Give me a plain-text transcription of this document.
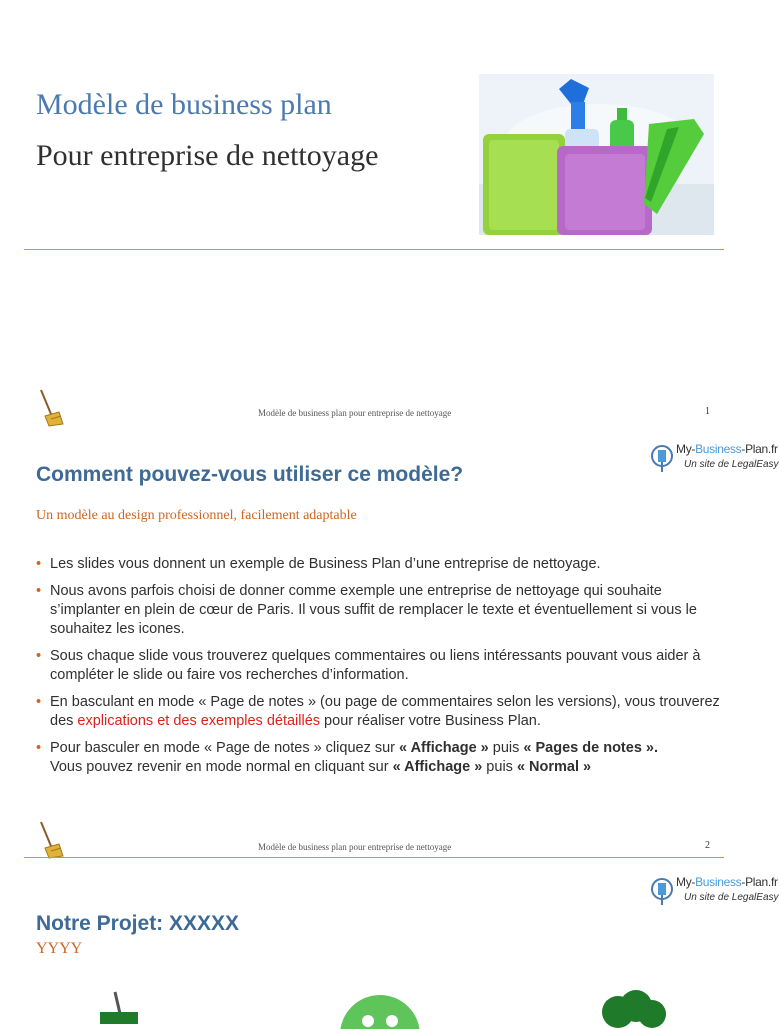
Modèle de business plan
Pour entreprise de nettoyage
Modèle de business plan pour entreprise de nettoyage	1
My-Business-Plan.fr
Un site de LegalEasy
Comment pouvez-vous utiliser ce modèle?
Un modèle au design professionnel, facilement adaptable
• Les slides vous donnent un exemple de Business Plan d’une entreprise de nettoyage.
• Nous avons parfois choisi de donner comme exemple une entreprise de nettoyage qui souhaite s’implanter en plein de cœur de Paris. Il vous suffit de remplacer le texte et éventuellement si vous le souhaitez les icones.
• Sous chaque slide vous trouverez quelques commentaires ou liens intéressants pouvant vous aider à compléter le slide ou faire vos recherches d’information.
• En basculant en mode « Page de notes » (ou page de commentaires selon les versions), vous trouverez des explications et des exemples détaillés pour réaliser votre Business Plan.
• Pour basculer en mode « Page de notes » cliquez sur « Affichage » puis « Pages de notes ».
Vous pouvez revenir en mode normal en cliquant sur « Affichage » puis « Normal »
Modèle de business plan pour entreprise de nettoyage	2
My-Business-Plan.fr
Un site de LegalEasy
Notre Projet: XXXXX
YYYY
